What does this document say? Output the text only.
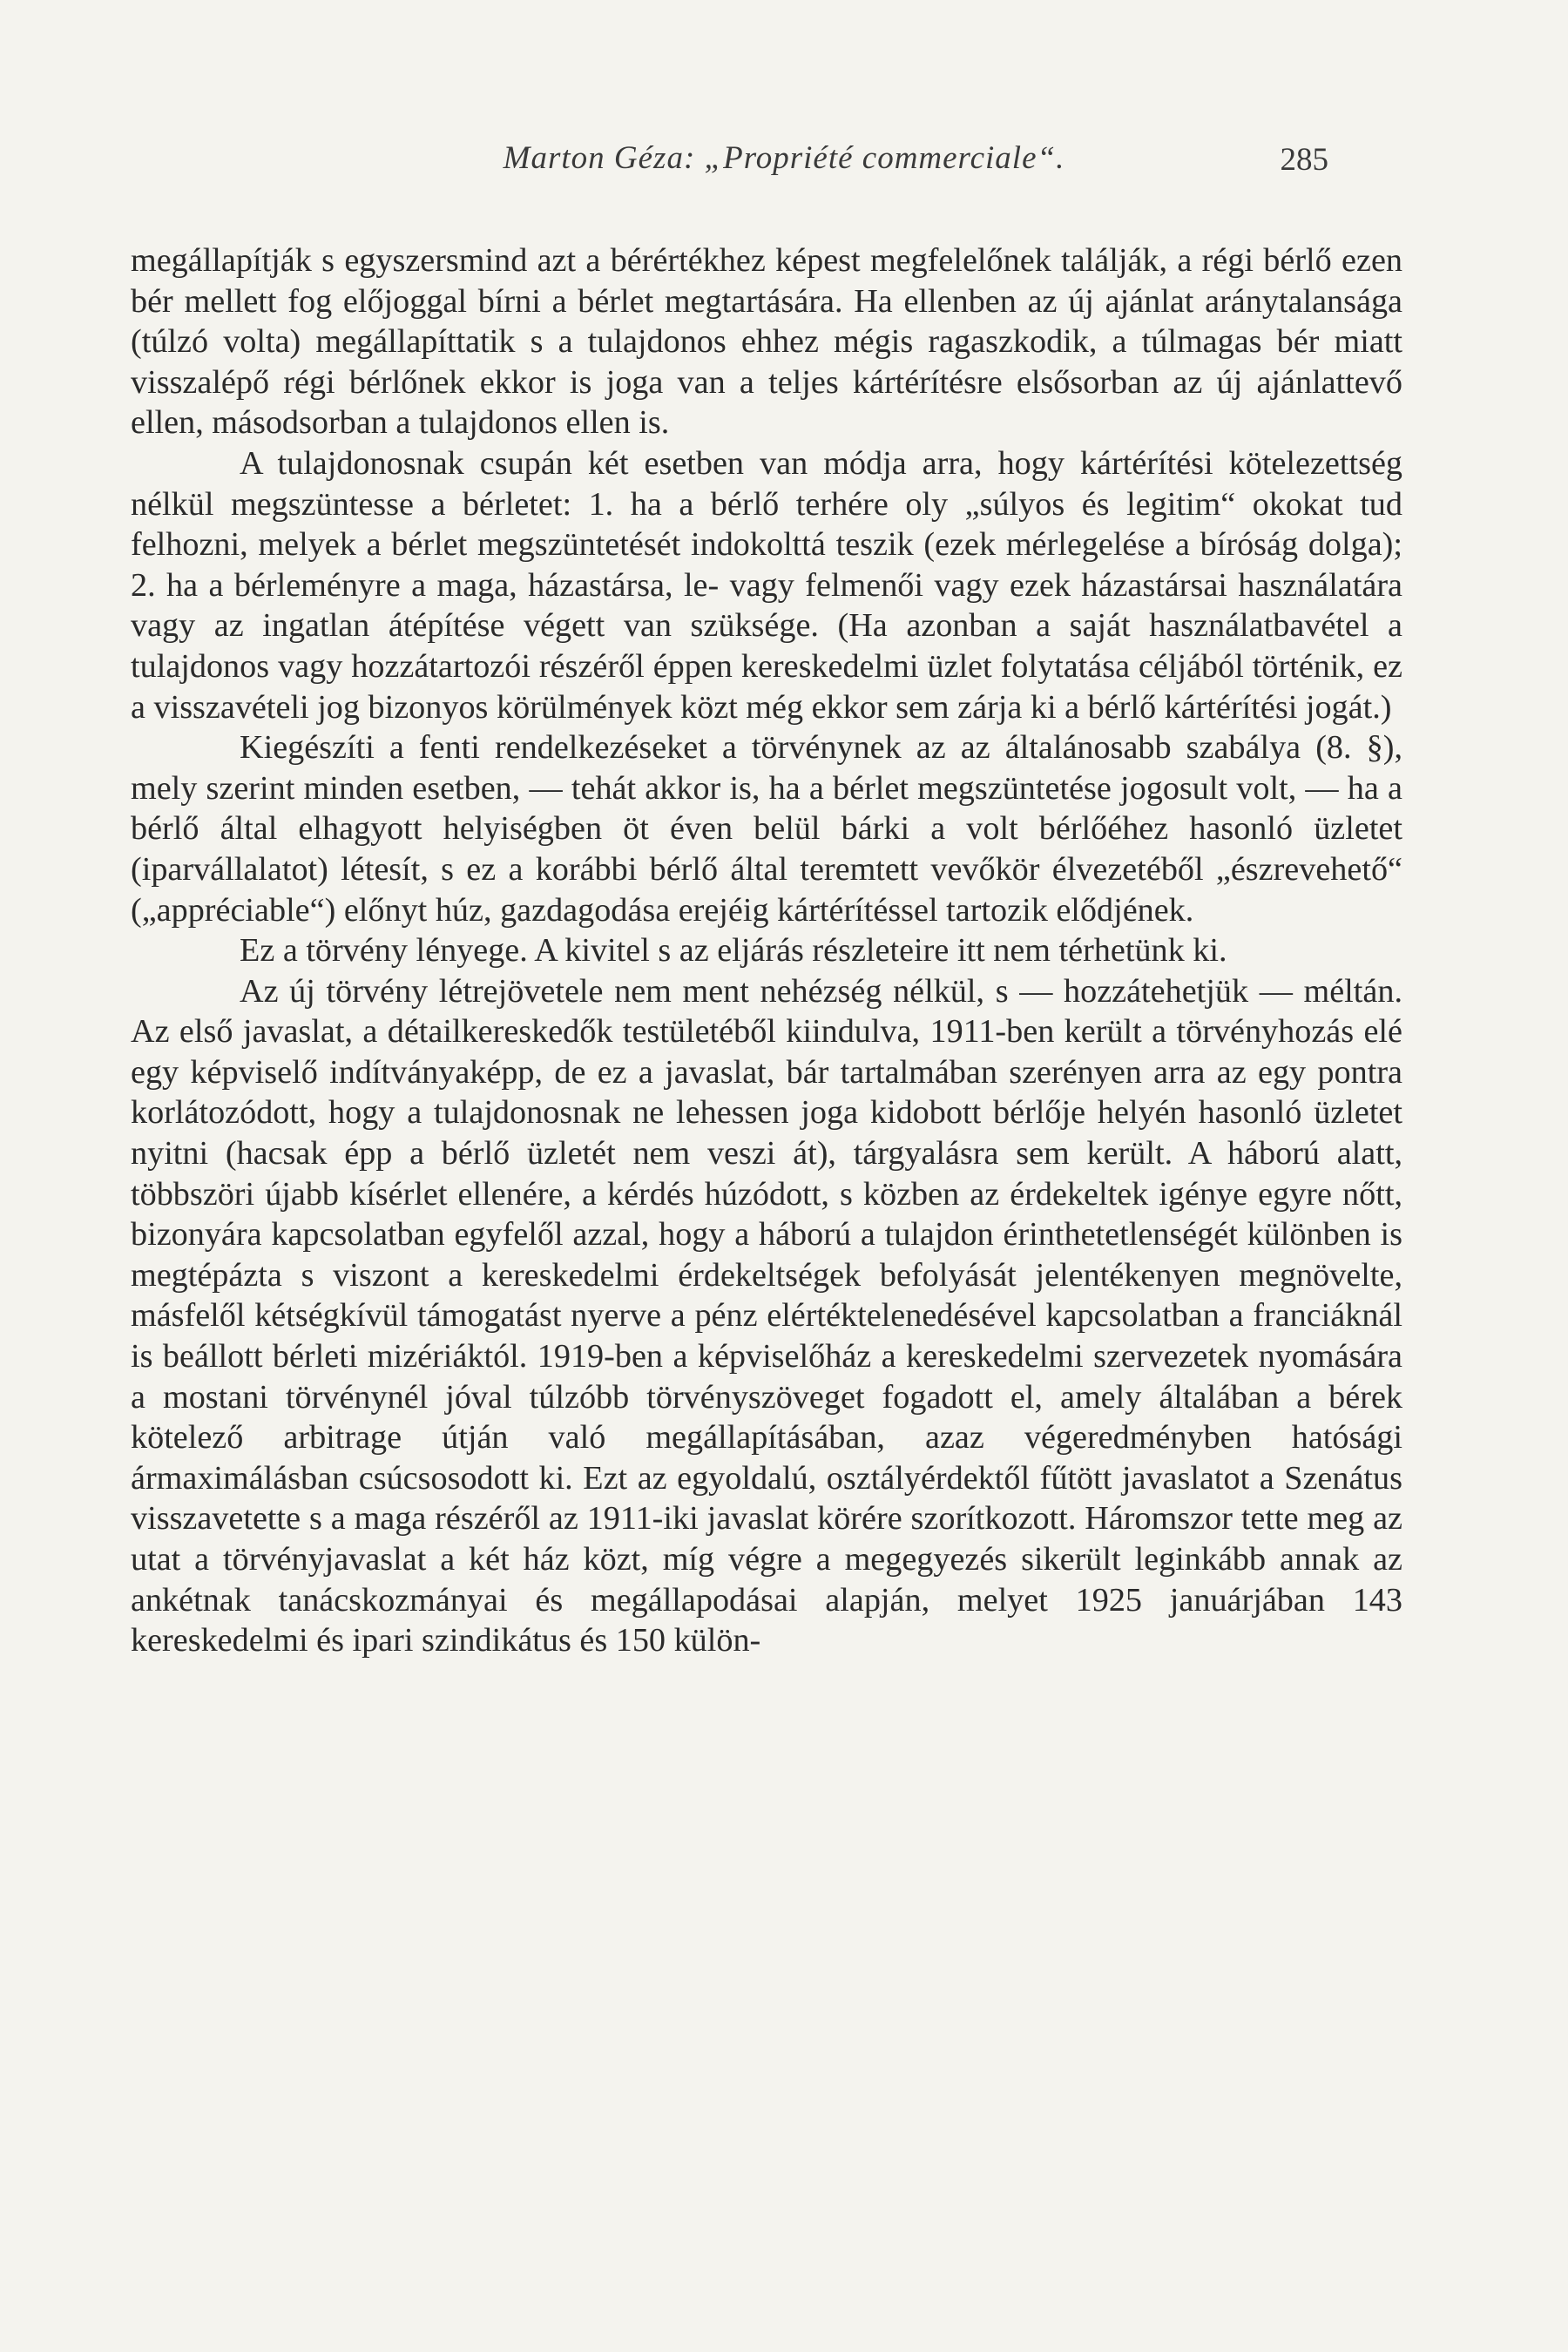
Marton Géza: „Propriété commerciale“.	285

megállapítják s egyszersmind azt a bérértékhez képest megfelelőnek találják, a régi bérlő ezen bér mellett fog előjoggal bírni a bérlet megtartására. Ha ellenben az új ajánlat aránytalansága (túlzó volta) megállapíttatik s a tulajdonos ehhez mégis ragaszkodik, a túlmagas bér miatt visszalépő régi bérlőnek ekkor is joga van a teljes kártérítésre elsősorban az új ajánlattevő ellen, másodsorban a tulajdonos ellen is.

A tulajdonosnak csupán két esetben van módja arra, hogy kártérítési kötelezettség nélkül megszüntesse a bérletet: 1. ha a bérlő terhére oly „súlyos és legitim“ okokat tud felhozni, melyek a bérlet megszüntetését indokolttá teszik (ezek mérlegelése a bíróság dolga); 2. ha a bérleményre a maga, házastársa, le- vagy felmenői vagy ezek házastársai használatára vagy az ingatlan átépítése végett van szüksége. (Ha azonban a saját használatbavétel a tulajdonos vagy hozzátartozói részéről éppen kereskedelmi üzlet folytatása céljából történik, ez a visszavételi jog bizonyos körülmények közt még ekkor sem zárja ki a bérlő kártérítési jogát.)

Kiegészíti a fenti rendelkezéseket a törvénynek az az általánosabb szabálya (8. §), mely szerint minden esetben, — tehát akkor is, ha a bérlet megszüntetése jogosult volt, — ha a bérlő által elhagyott helyiségben öt éven belül bárki a volt bérlőéhez hasonló üzletet (iparvállalatot) létesít, s ez a korábbi bérlő által teremtett vevőkör élvezetéből „észrevehető“ („appréciable“) előnyt húz, gazdagodása erejéig kártérítéssel tartozik elődjének.

Ez a törvény lényege. A kivitel s az eljárás részleteire itt nem térhetünk ki.

Az új törvény létrejövetele nem ment nehézség nélkül, s — hozzátehetjük — méltán. Az első javaslat, a détailkereskedők testületéből kiindulva, 1911-ben került a törvényhozás elé egy képviselő indítványaképp, de ez a javaslat, bár tartalmában szerényen arra az egy pontra korlátozódott, hogy a tulajdonosnak ne lehessen joga kidobott bérlője helyén hasonló üzletet nyitni (hacsak épp a bérlő üzletét nem veszi át), tárgyalásra sem került. A háború alatt, többszöri újabb kísérlet ellenére, a kérdés húzódott, s közben az érdekeltek igénye egyre nőtt, bizonyára kapcsolatban egyfelől azzal, hogy a háború a tulajdon érinthetetlenségét különben is megtépázta s viszont a kereskedelmi érdekeltségek befolyását jelentékenyen megnövelte, másfelől kétségkívül támogatást nyerve a pénz elértéktelenedésével kapcsolatban a franciáknál is beállott bérleti mizériáktól. 1919-ben a képviselőház a kereskedelmi szervezetek nyomására a mostani törvénynél jóval túlzóbb törvényszöveget fogadott el, amely általában a bérek kötelező arbitrage útján való megállapításában, azaz végeredményben hatósági ármaximálásban csúcsosodott ki. Ezt az egyoldalú, osztályérdektől fűtött javaslatot a Szenátus visszavetette s a maga részéről az 1911-iki javaslat körére szorítkozott. Háromszor tette meg az utat a törvényjavaslat a két ház közt, míg végre a megegyezés sikerült leginkább annak az ankétnak tanácskozmányai és megállapodásai alapján, melyet 1925 januárjában 143 kereskedelmi és ipari szindikátus és 150 külön-
